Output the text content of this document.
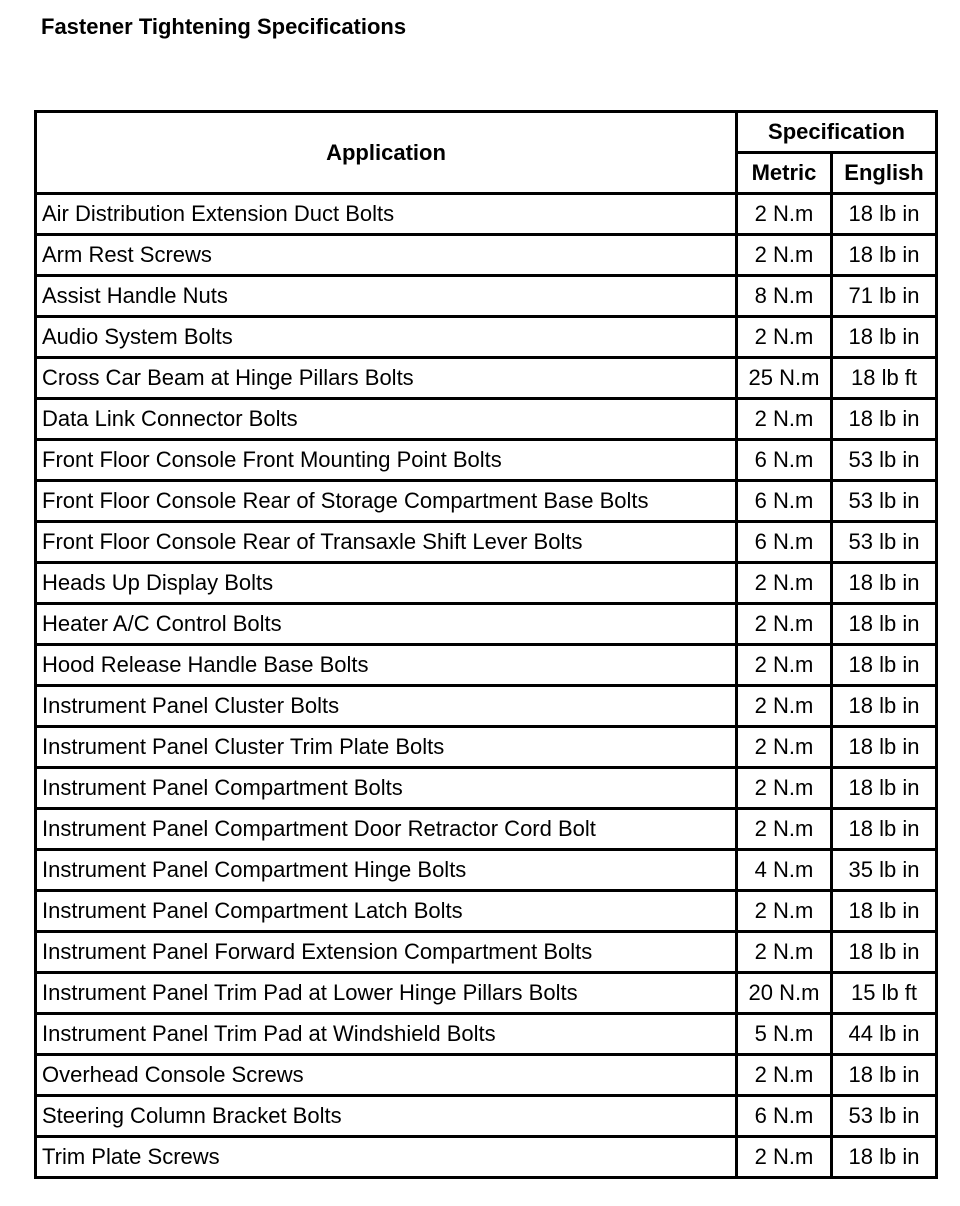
Fastener Tightening Specifications
Application	Specification	
	Metric	English
Air Distribution Extension Duct Bolts	2 N.m	18 lb in
Arm Rest Screws	2 N.m	18 lb in
Assist Handle Nuts	8 N.m	71 lb in
Audio System Bolts	2 N.m	18 lb in
Cross Car Beam at Hinge Pillars Bolts	25 N.m	18 lb ft
Data Link Connector Bolts	2 N.m	18 lb in
Front Floor Console Front Mounting Point Bolts	6 N.m	53 lb in
Front Floor Console Rear of Storage Compartment Base Bolts	6 N.m	53 lb in
Front Floor Console Rear of Transaxle Shift Lever Bolts	6 N.m	53 lb in
Heads Up Display Bolts	2 N.m	18 lb in
Heater A/C Control Bolts	2 N.m	18 lb in
Hood Release Handle Base Bolts	2 N.m	18 lb in
Instrument Panel Cluster Bolts	2 N.m	18 lb in
Instrument Panel Cluster Trim Plate Bolts	2 N.m	18 lb in
Instrument Panel Compartment Bolts	2 N.m	18 lb in
Instrument Panel Compartment Door Retractor Cord Bolt	2 N.m	18 lb in
Instrument Panel Compartment Hinge Bolts	4 N.m	35 lb in
Instrument Panel Compartment Latch Bolts	2 N.m	18 lb in
Instrument Panel Forward Extension Compartment Bolts	2 N.m	18 lb in
Instrument Panel Trim Pad at Lower Hinge Pillars Bolts	20 N.m	15 lb ft
Instrument Panel Trim Pad at Windshield Bolts	5 N.m	44 lb in
Overhead Console Screws	2 N.m	18 lb in
Steering Column Bracket Bolts	6 N.m	53 lb in
Trim Plate Screws	2 N.m	18 lb in
